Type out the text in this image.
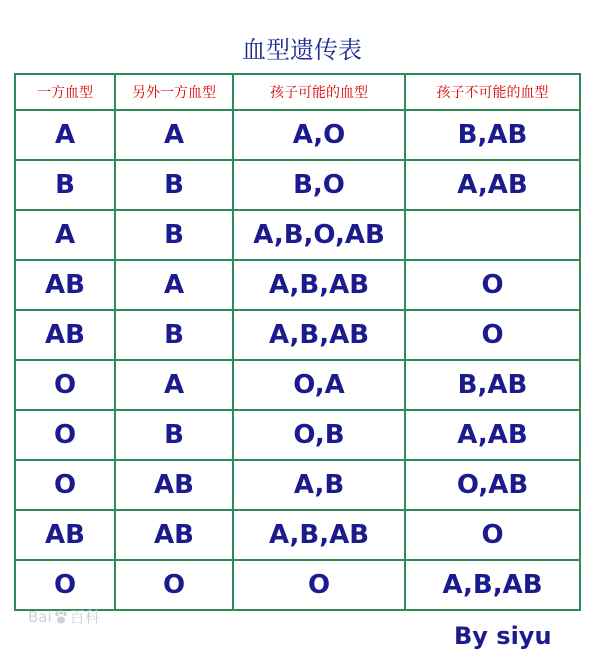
血型遗传表
一方血型	另外一方血型	孩子可能的血型	孩子不可能的血型
A	A	A,O	B,AB
B	B	B,O	A,AB
A	B	A,B,O,AB	
AB	A	A,B,AB	O
AB	B	A,B,AB	O
O	A	O,A	B,AB
O	B	O,B	A,AB
O	AB	A,B	O,AB
AB	AB	A,B,AB	O
O	O	O	A,B,AB
Bai 百科
By siyu
